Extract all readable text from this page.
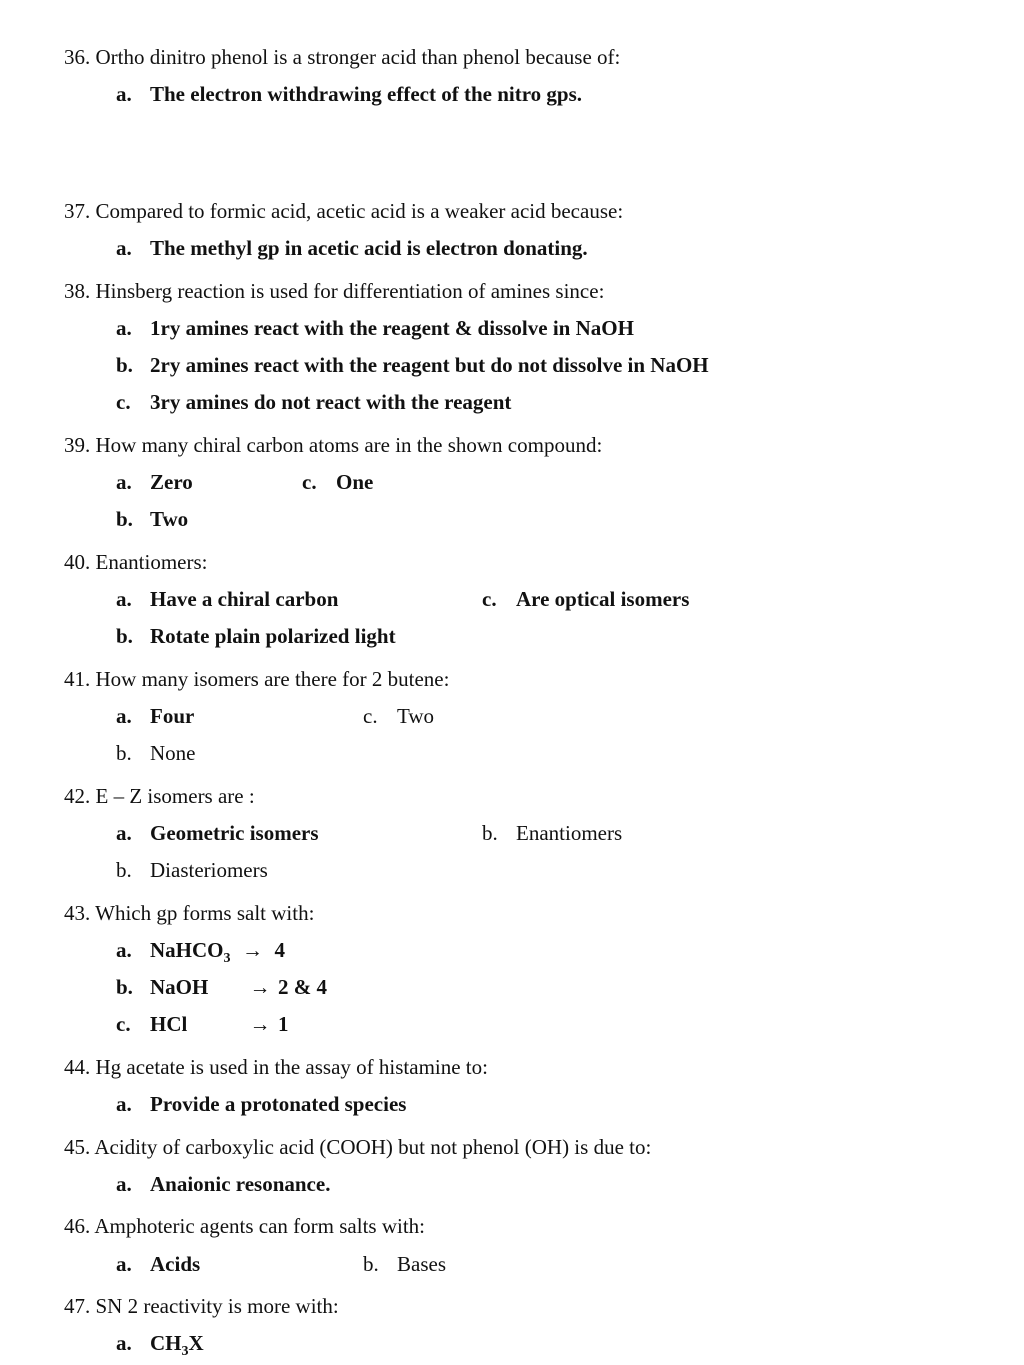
36. Ortho dinitro phenol is a stronger acid than phenol because of:
a. The electron withdrawing effect of the nitro gps.
37. Compared to formic acid, acetic acid is a weaker acid because:
a. The methyl gp in acetic acid is electron donating.
38. Hinsberg reaction is used for differentiation of amines since:
a. 1ry amines react with the reagent & dissolve in NaOH
b. 2ry amines react with the reagent but do not dissolve in NaOH
c. 3ry amines do not react with the reagent
39. How many chiral carbon atoms are in the shown compound:
a. Zero	c. One
b. Two
40. Enantiomers:
a. Have a chiral carbon	c. Are optical isomers
b. Rotate plain polarized light
41. How many isomers are there for 2 butene:
a. Four	c. Two
b. None
42. E – Z isomers are :
a. Geometric isomers	b. Enantiomers
b. Diasteriomers
43. Which gp forms salt with:
a. NaHCO$_3$ → 4
b. NaOH → 2 & 4
c. HCl	→ 1
44. Hg acetate is used in the assay of histamine to:
a. Provide a protonated species
45. Acidity of carboxylic acid (COOH) but not phenol (OH) is due to:
a. Anaionic resonance.
46. Amphoteric agents can form salts with:
a. Acids	b. Bases
47. SN 2 reactivity is more with:
a. $CH_3X$
